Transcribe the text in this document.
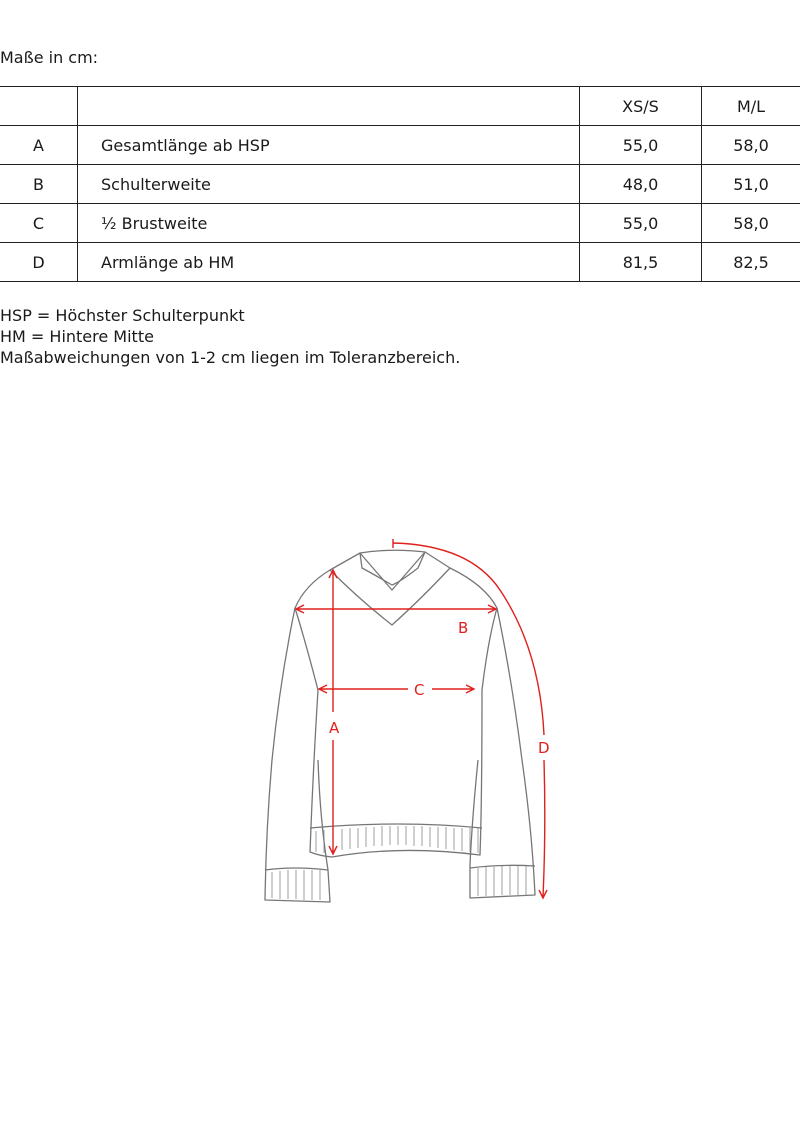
Maße in cm:
		XS/S	M/L
A	Gesamtlänge ab HSP	55,0	58,0
B	Schulterweite	48,0	51,0
C	½ Brustweite	55,0	58,0
D	Armlänge ab HM	81,5	82,5
HSP = Höchster Schulterpunkt
HM = Hintere Mitte
Maßabweichungen von 1-2 cm liegen im Toleranzbereich.
A
B
C
D
